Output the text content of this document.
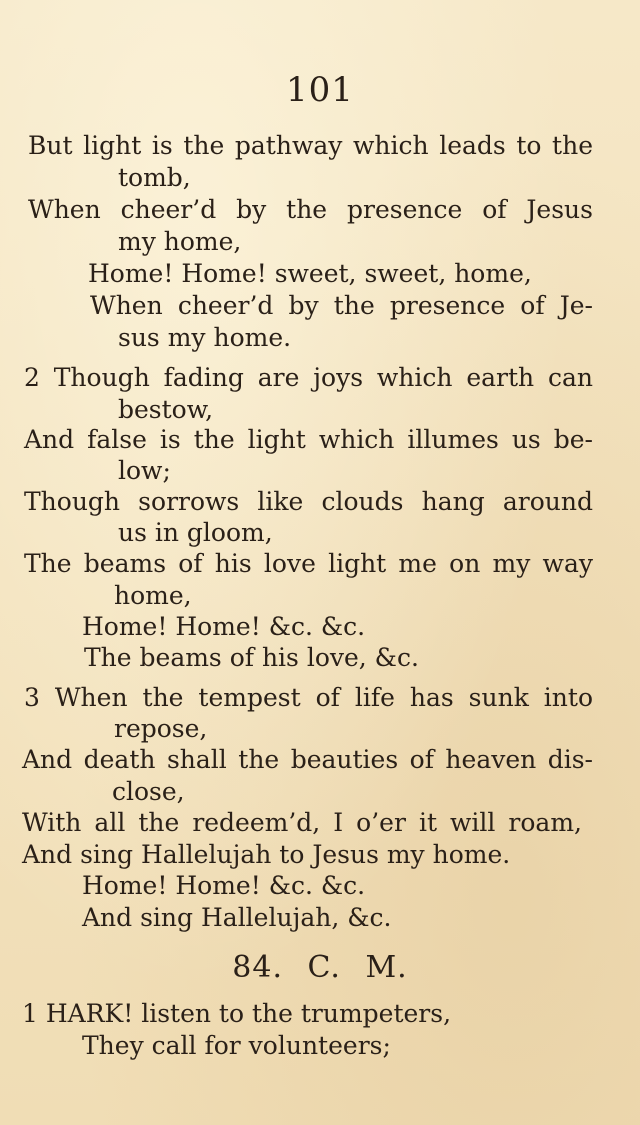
101
But light is the pathway which leads to the
tomb,
When cheer’d by the presence of Jesus
my home,
Home! Home! sweet, sweet, home,
When cheer’d by the presence of Je-
sus my home.
2 Though fading are joys which earth can
bestow,
And false is the light which illumes us be-
low;
Though sorrows like clouds hang around
us in gloom,
The beams of his love light me on my way
home,
Home! Home! &c. &c.
The beams of his love, &c.
3 When the tempest of life has sunk into
repose,
And death shall the beauties of heaven dis-
close,
With all the redeem’d, I o’er it will roam,
And sing Hallelujah to Jesus my home.
Home! Home! &c. &c.
And sing Hallelujah, &c.
84. C. M.
1 HARK! listen to the trumpeters,
They call for volunteers;
